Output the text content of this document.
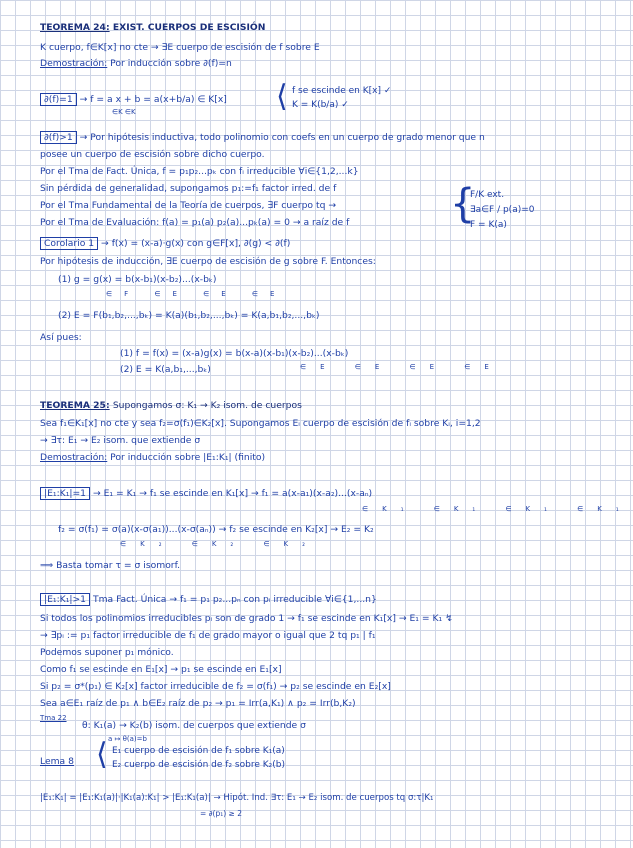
TEOREMA 24: EXIST. CUERPOS DE ESCISIÓN
K cuerpo, f∈K[x] no cte → ∃E cuerpo de escisión de f sobre E
Demostración: Por inducción sobre ∂(f)=n
∂(f)=1 → f = a x + b = a(x+b/a) ∈ K[x]
∈K ∈K	⟨ f se escinde en K[x] ✓
K = K(b/a) ✓
∂(f)>1 → Por hipótesis inductiva, todo polinomio con coefs en un cuerpo de grado menor que n
posee un cuerpo de escisión sobre dicho cuerpo.
Por el Tma de Fact. Única, f = p₁p₂...pₖ con fᵢ irreducible ∀i∈{1,2,...k}
Sin pérdida de generalidad, supongamos p₁:=f₁ factor irred. de f
Por el Tma Fundamental de la Teoría de cuerpos, ∃F cuerpo tq →
Por el Tma de Evaluación: f(a) = p₁(a) p₂(a)...pₖ(a) = 0 → a raíz de f	{
F/K ext.
∃a∈F / p(a)=0
F = K(a)
Corolario 1 → f(x) = (x-a)·g(x) con g∈F[x], ∂(g) < ∂(f)
Por hipótesis de inducción, ∃E cuerpo de escisión de g sobre F. Entonces:
(1) g = g(x) = b(x-b₁)(x-b₂)...(x-bₖ)
∈F ∈E ∈E ∈E
(2) E = F(b₁,b₂,...,bₖ) = K(a)(b₁,b₂,...,bₖ) = K(a,b₁,b₂,...,bₖ)
Así pues:
(1) f = f(x) = (x-a)g(x) = b(x-a)(x-b₁)(x-b₂)...(x-bₖ)
∈E ∈E ∈E ∈E
(2) E = K(a,b₁,...,bₖ)
TEOREMA 25: Supongamos σ: K₁ → K₂ isom. de cuerpos
Sea f₁∈K₁[x] no cte y sea f₂=σ(f₁)∈K₂[x]. Supongamos Eᵢ cuerpo de escisión de fᵢ sobre Kᵢ, i=1,2
→ ∃τ: E₁ → E₂ isom. que extiende σ
Demostración: Por inducción sobre |E₁:K₁| (finito)
|E₁:K₁|=1 → E₁ = K₁ → f₁ se escinde en K₁[x] → f₁ = a(x-a₁)(x-a₂)...(x-aₙ)
∈K₁ ∈K₁ ∈K₁ ∈K₁
f₂ = σ(f₁) = σ(a)(x-σ(a₁))...(x-σ(aₙ)) → f₂ se escinde en K₂[x] → E₂ = K₂
∈K₂ ∈K₂ ∈K₂
⟹ Basta tomar τ = σ isomorf.
|E₁:K₁|>1 Tma Fact. Única → f₁ = p₁ p₂...pₙ con pᵢ irreducible ∀i∈{1,...n}
Si todos los polinomios irreducibles pᵢ son de grado 1 → f₁ se escinde en K₁[x] → E₁ = K₁ ↯
→ ∃pᵢ := p₁ factor irreducible de f₁ de grado mayor o igual que 2 tq p₁ | f₁
Podemos suponer p₁ mónico.
Como f₁ se escinde en E₁[x] → p₁ se escinde en E₁[x]
Si p₂ = σ*(p₁) ∈ K₂[x] factor irreducible de f₂ = σ(f₁) → p₂ se escinde en E₂[x]
Sea a∈E₁ raíz de p₁ ∧ b∈E₂ raíz de p₂ → p₁ = Irr(a,K₁) ∧ p₂ = Irr(b,K₂)
Tma 22
θ: K₁(a) → K₂(b) isom. de cuerpos que extiende σ
a ↦ θ(a)=b
Lema 8 ⟨ E₁ cuerpo de escisión de f₁ sobre K₁(a)
E₂ cuerpo de escisión de f₂ sobre K₂(b)
|E₁:K₁| = |E₁:K₁(a)|·|K₁(a):K₁| > |E₁:K₁(a)| → Hipót. Ind. ∃τ: E₁ → E₂ isom. de cuerpos tq σ:τ|K₁
= ∂(p₁) ≥ 2
